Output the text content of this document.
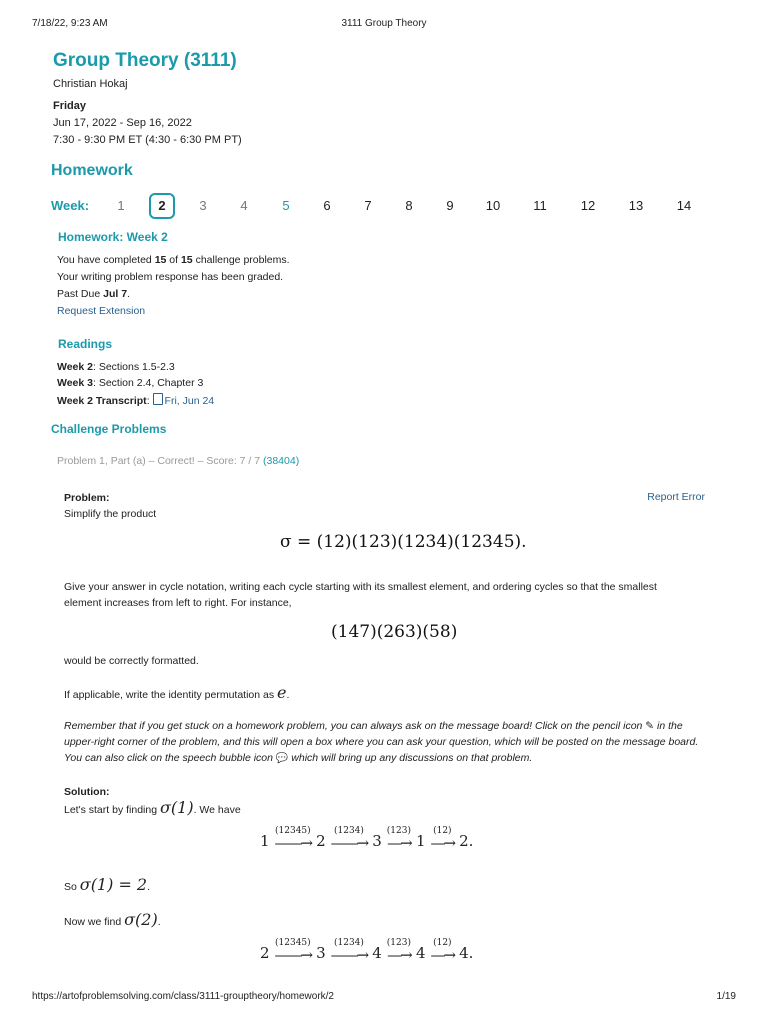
7/18/22, 9:23 AM	3111 Group Theory
Group Theory (3111)
Christian Hokaj
Friday
Jun 17, 2022 - Sep 16, 2022
7:30 - 9:30 PM ET (4:30 - 6:30 PM PT)
Homework
Week:	1	2	3	4	5	6	7	8	9	10	11	12	13	14
Homework: Week 2
You have completed 15 of 15 challenge problems.
Your writing problem response has been graded.
Past Due Jul 7.
Request Extension
Readings
Week 2: Sections 1.5-2.3
Week 3: Section 2.4, Chapter 3
Week 2 Transcript: Fri, Jun 24
Challenge Problems
Problem 1, Part (a) – Correct! – Score: 7 / 7 (38404)
Problem:	Report Error
Simplify the product
σ = (12)(123)(1234)(12345).
Give your answer in cycle notation, writing each cycle starting with its smallest element, and ordering cycles so that the smallest
element increases from left to right. For instance,
(147)(263)(58)
would be correctly formatted.
If applicable, write the identity permutation as e.
Remember that if you get stuck on a homework problem, you can always ask on the message board! Click on the pencil icon ✎ in the upper-right corner of the problem, and this will open a box where you can ask your question, which will be posted on the message board. You can also click on the speech bubble icon 💬 which will bring up any discussions on that problem.
Solution:
Let's start by finding σ(1). We have
1
(12345)
——→ 2
(1234)
——→ 3
(123)
—→ 1
(12)
—→ 2.
So σ(1) = 2.
Now we find σ(2).
2
(12345)
——→ 3
(1234)
——→ 4
(123)
—→ 4
(12)
—→ 4.
https://artofproblemsolving.com/class/3111-grouptheory/homework/2	1/19
